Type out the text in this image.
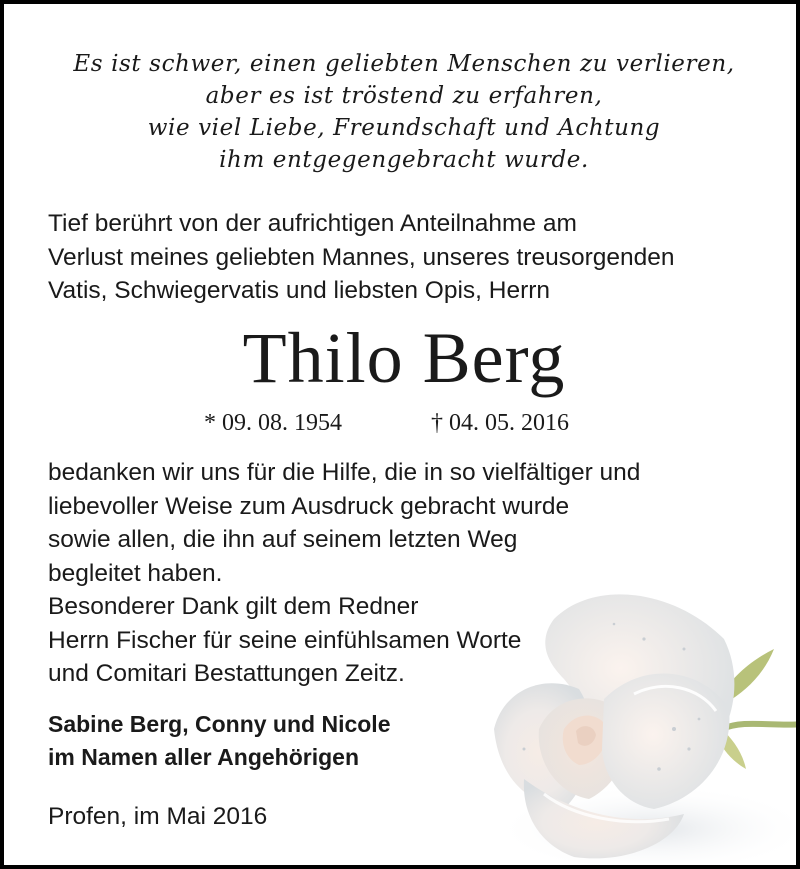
Es ist schwer, einen geliebten Menschen zu verlieren,
aber es ist tröstend zu erfahren,
wie viel Liebe, Freundschaft und Achtung
ihm entgegengebracht wurde.
Tief berührt von der aufrichtigen Anteilnahme am
Verlust meines geliebten Mannes, unseres treusorgenden
Vatis, Schwiegervatis und liebsten Opis, Herrn
Thilo Berg
* 09. 08. 1954	† 04. 05. 2016
bedanken wir uns für die Hilfe, die in so vielfältiger und
liebevoller Weise zum Ausdruck gebracht wurde
sowie allen, die ihn auf seinem letzten Weg
begleitet haben.
Besonderer Dank gilt dem Redner
Herrn Fischer für seine einfühlsamen Worte
und Comitari Bestattungen Zeitz.
Sabine Berg, Conny und Nicole
im Namen aller Angehörigen
Profen, im Mai 2016
